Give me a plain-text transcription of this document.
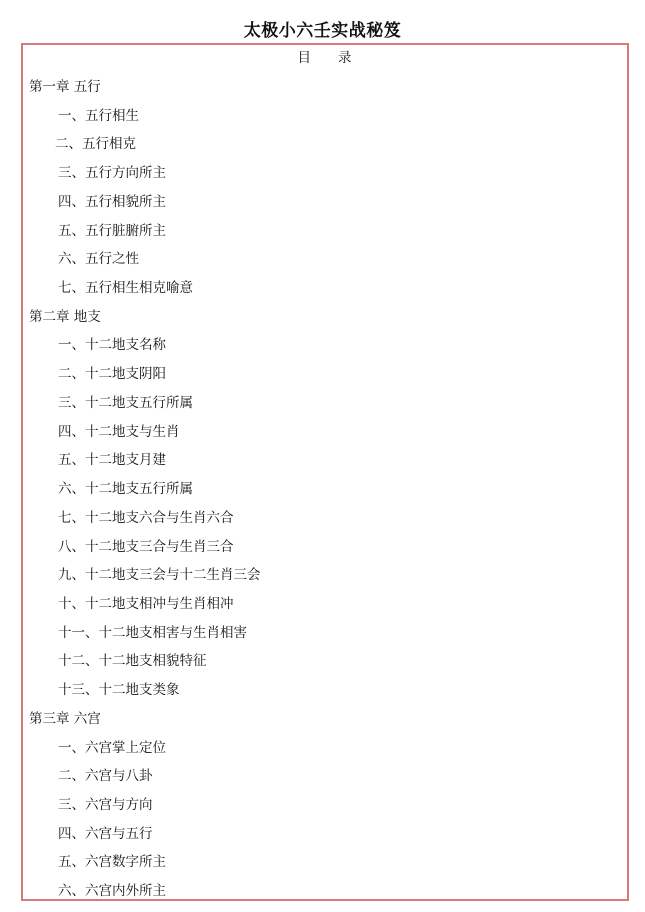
太极小六壬实战秘笈
目 录
第一章 五行
一、五行相生
二、五行相克
三、五行方向所主
四、五行相貌所主
五、五行脏腑所主
六、五行之性
七、五行相生相克喻意
第二章 地支
一、十二地支名称
二、十二地支阴阳
三、十二地支五行所属
四、十二地支与生肖
五、十二地支月建
六、十二地支五行所属
七、十二地支六合与生肖六合
八、十二地支三合与生肖三合
九、十二地支三会与十二生肖三会
十、十二地支相冲与生肖相冲
十一、十二地支相害与生肖相害
十二、十二地支相貌特征
十三、十二地支类象
第三章 六宫
一、六宫掌上定位
二、六宫与八卦
三、六宫与方向
四、六宫与五行
五、六宫数字所主
六、六宫内外所主
